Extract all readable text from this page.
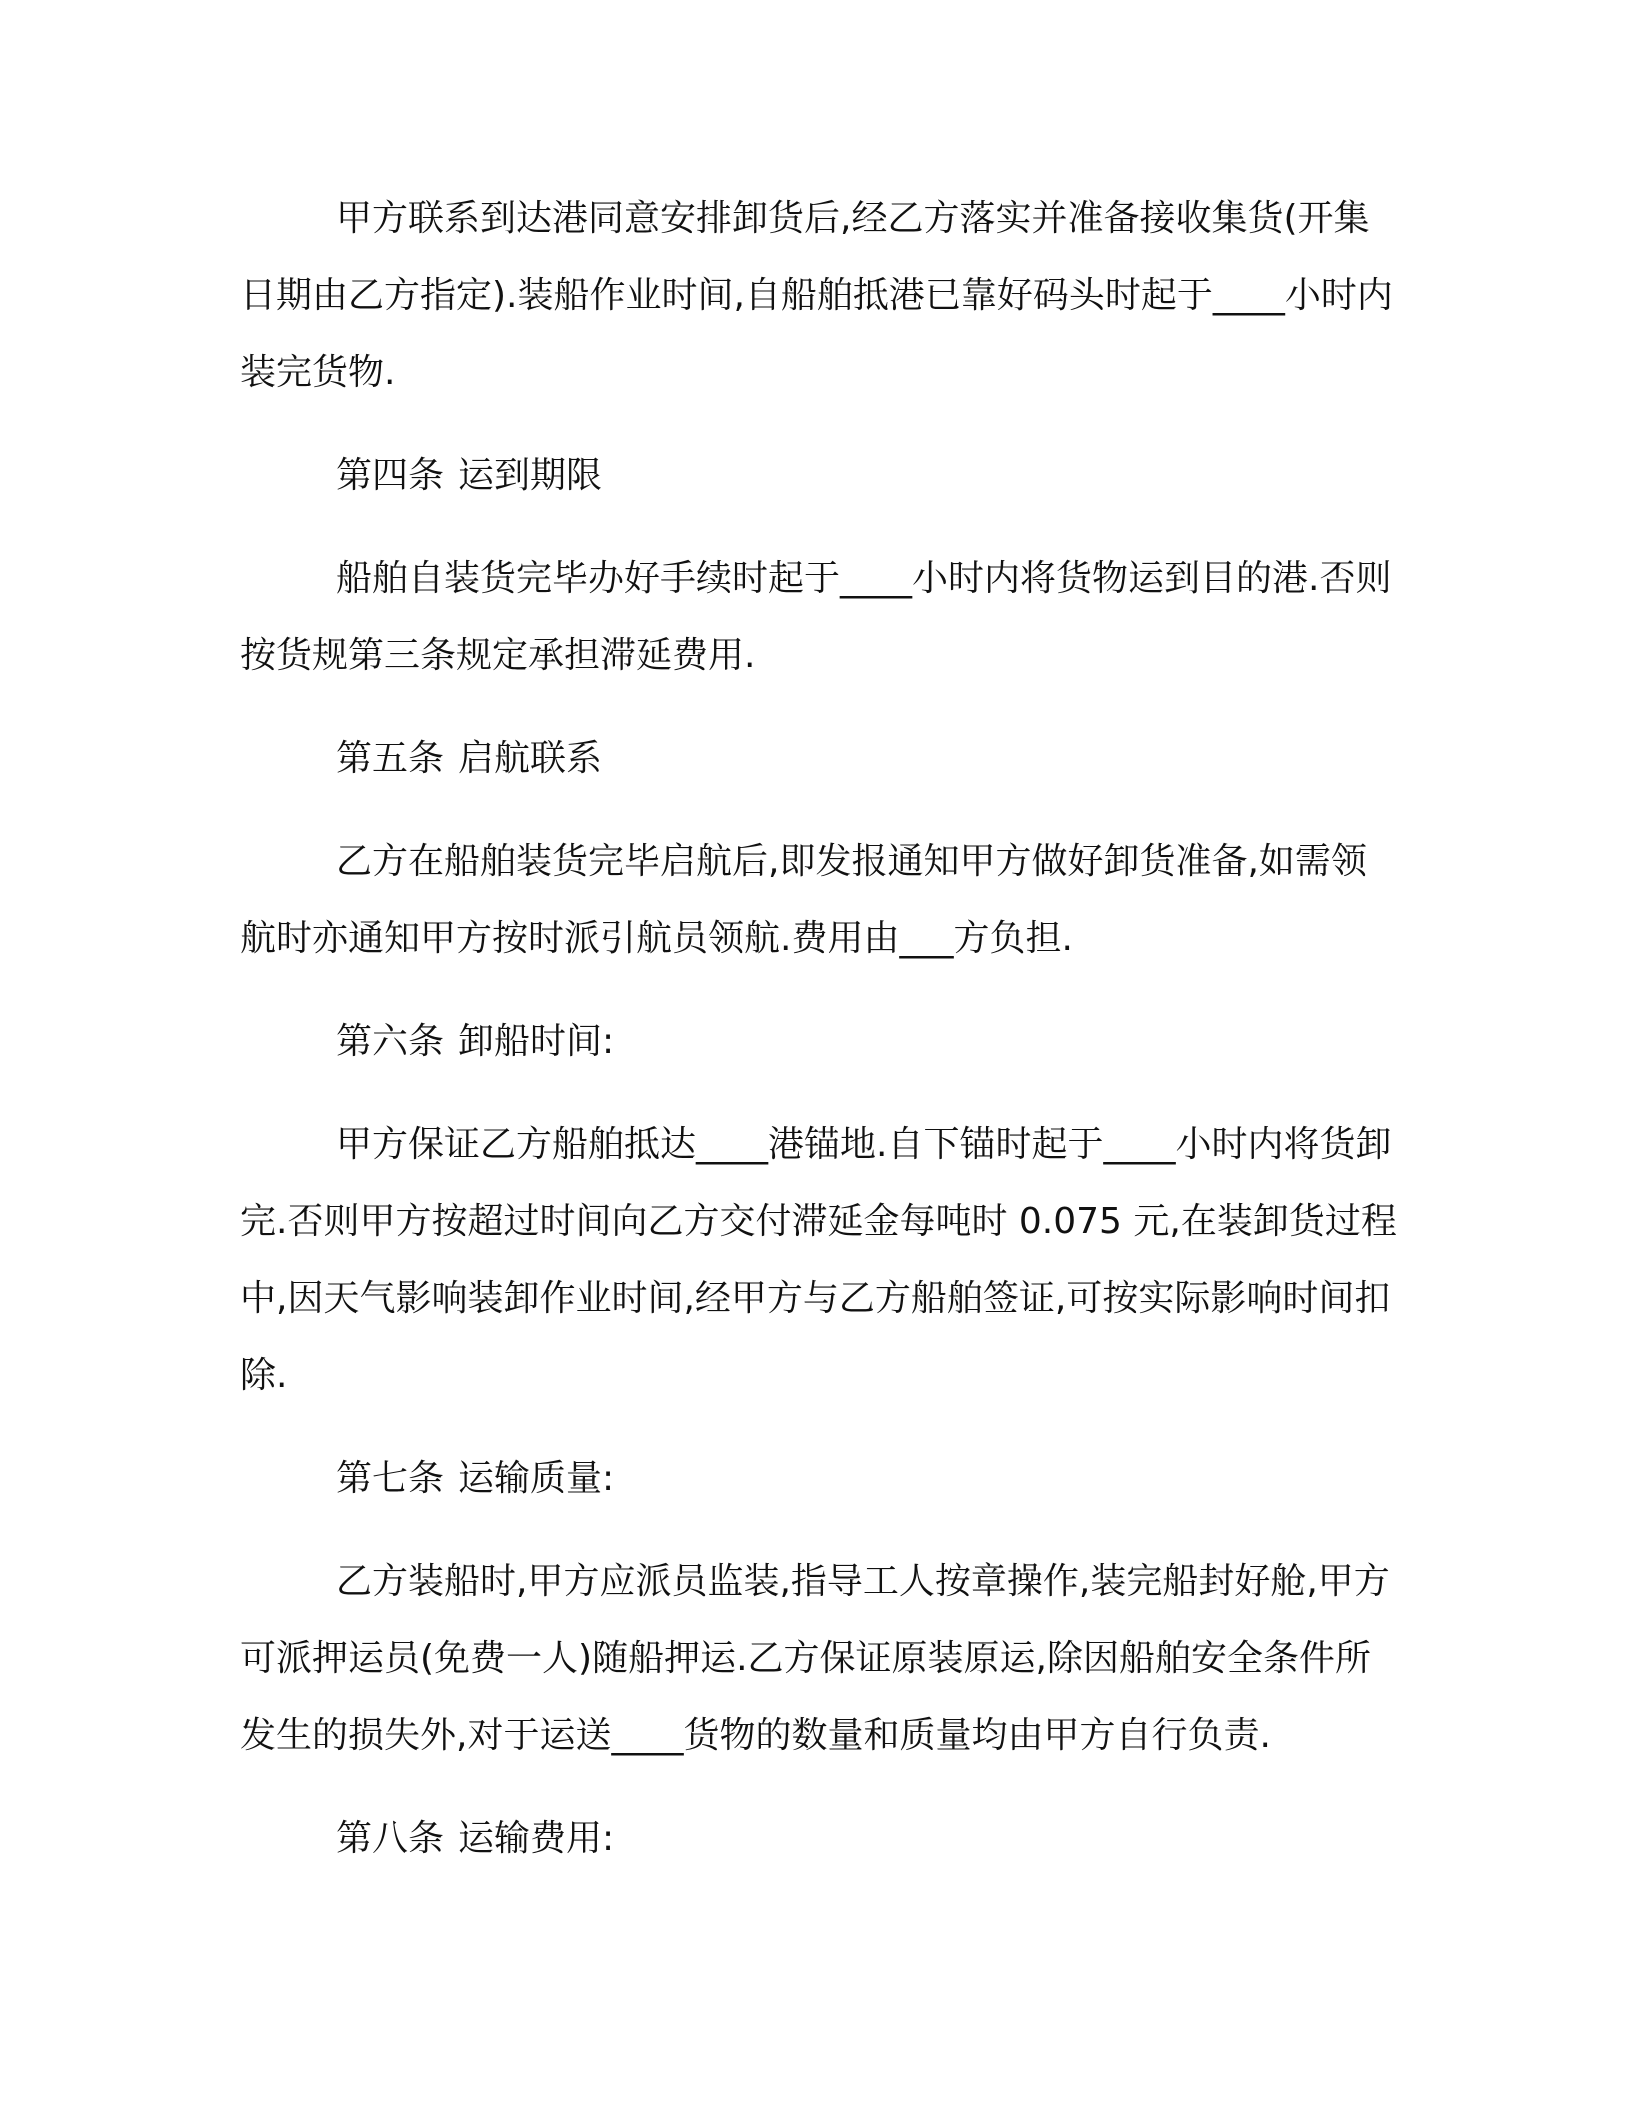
甲方联系到达港同意安排卸货后,经乙方落实并准备接收集货(开集日期由乙方指定).装船作业时间,自船舶抵港已靠好码头时起于____小时内装完货物.

第四条 运到期限

船舶自装货完毕办好手续时起于____小时内将货物运到目的港.否则按货规第三条规定承担滞延费用.

第五条 启航联系

乙方在船舶装货完毕启航后,即发报通知甲方做好卸货准备,如需领航时亦通知甲方按时派引航员领航.费用由___方负担.

第六条 卸船时间:

甲方保证乙方船舶抵达____港锚地.自下锚时起于____小时内将货卸完.否则甲方按超过时间向乙方交付滞延金每吨时 0.075 元,在装卸货过程中,因天气影响装卸作业时间,经甲方与乙方船舶签证,可按实际影响时间扣除.

第七条 运输质量:

乙方装船时,甲方应派员监装,指导工人按章操作,装完船封好舱,甲方可派押运员(免费一人)随船押运.乙方保证原装原运,除因船舶安全条件所发生的损失外,对于运送____货物的数量和质量均由甲方自行负责.

第八条 运输费用:
